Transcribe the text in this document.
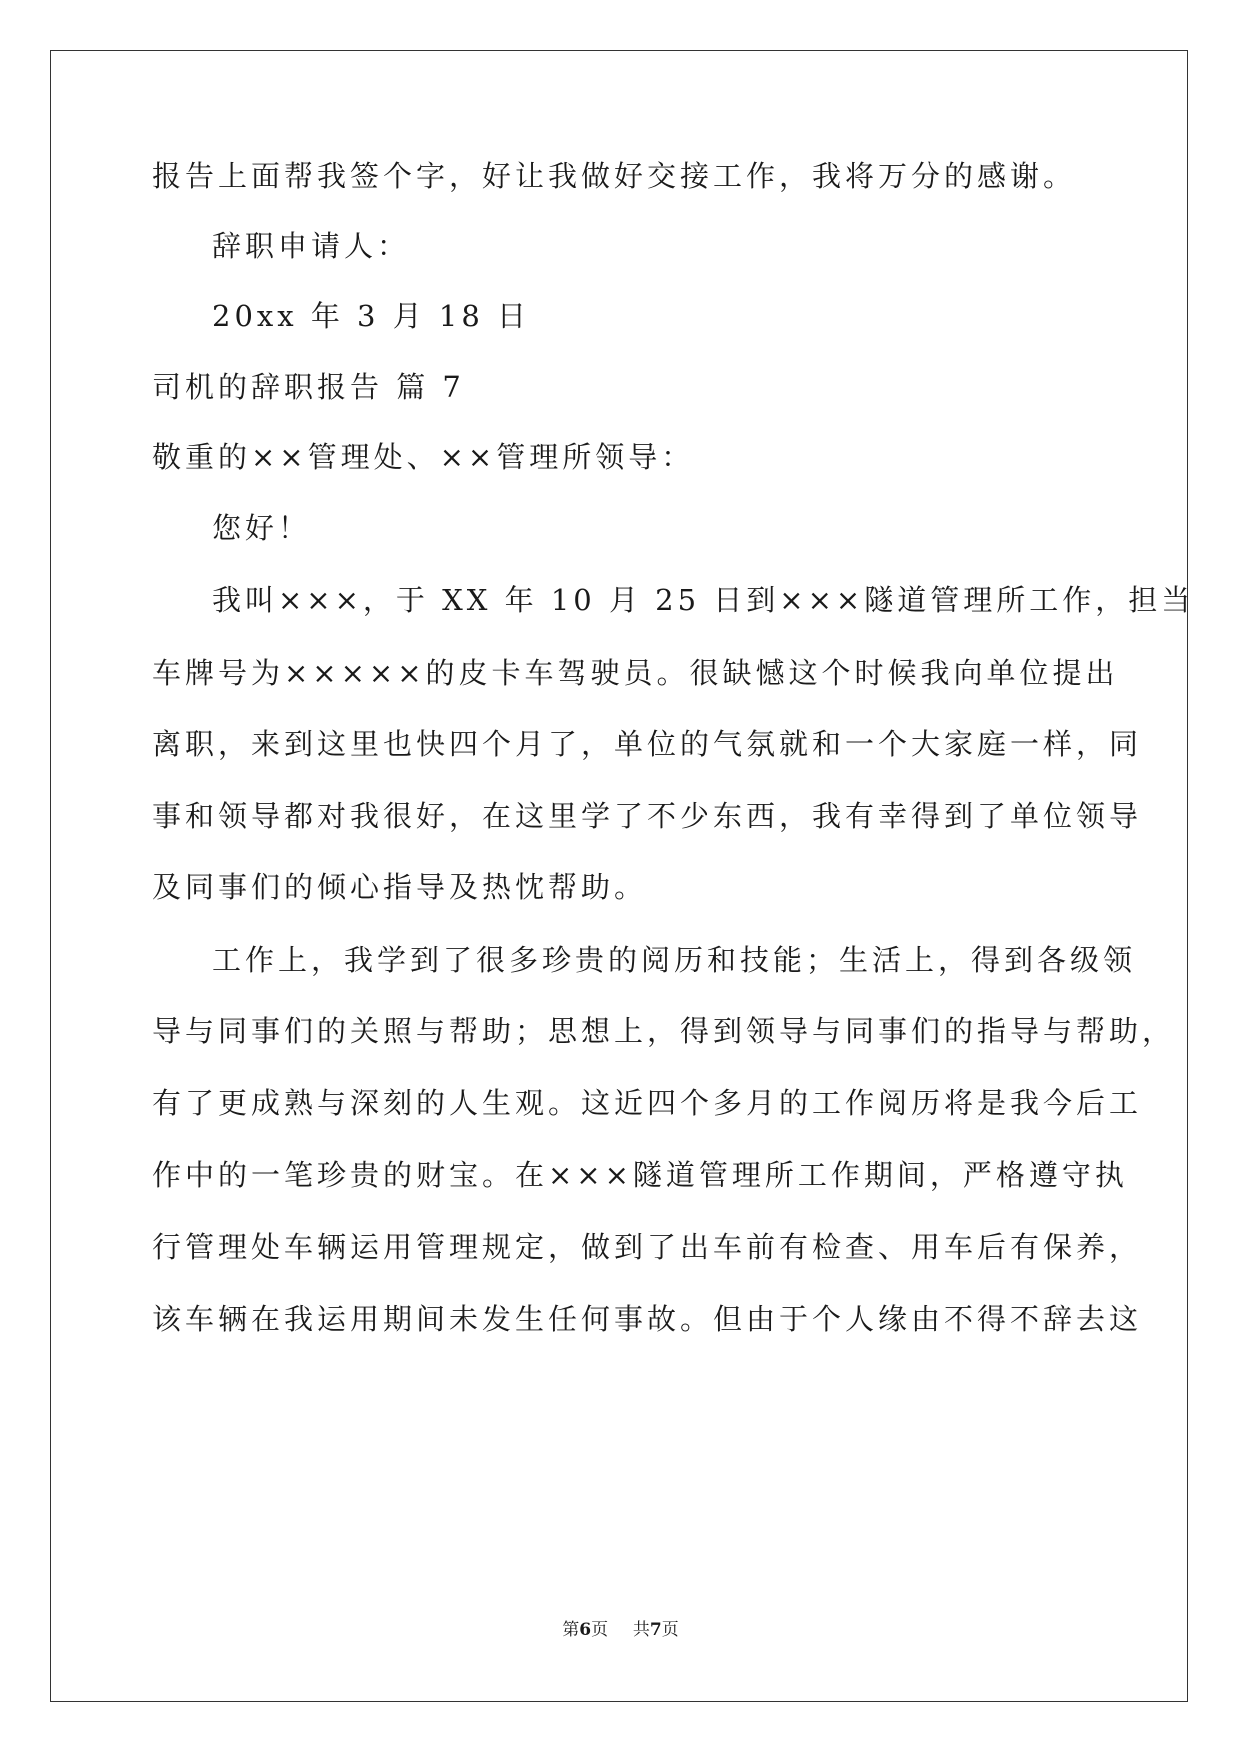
报告上面帮我签个字，好让我做好交接工作，我将万分的感谢。
辞职申请人：
20xx 年 3 月 18 日
司机的辞职报告 篇 7
敬重的××管理处、××管理所领导：
您好！
我叫×××，于 XX 年 10 月 25 日到×××隧道管理所工作，担当
车牌号为×××××的皮卡车驾驶员。很缺憾这个时候我向单位提出
离职，来到这里也快四个月了，单位的气氛就和一个大家庭一样，同
事和领导都对我很好，在这里学了不少东西，我有幸得到了单位领导
及同事们的倾心指导及热忱帮助。
工作上，我学到了很多珍贵的阅历和技能；生活上，得到各级领
导与同事们的关照与帮助；思想上，得到领导与同事们的指导与帮助，
有了更成熟与深刻的人生观。这近四个多月的工作阅历将是我今后工
作中的一笔珍贵的财宝。在×××隧道管理所工作期间，严格遵守执
行管理处车辆运用管理规定，做到了出车前有检查、用车后有保养，
该车辆在我运用期间未发生任何事故。但由于个人缘由不得不辞去这
第6页 共7页
